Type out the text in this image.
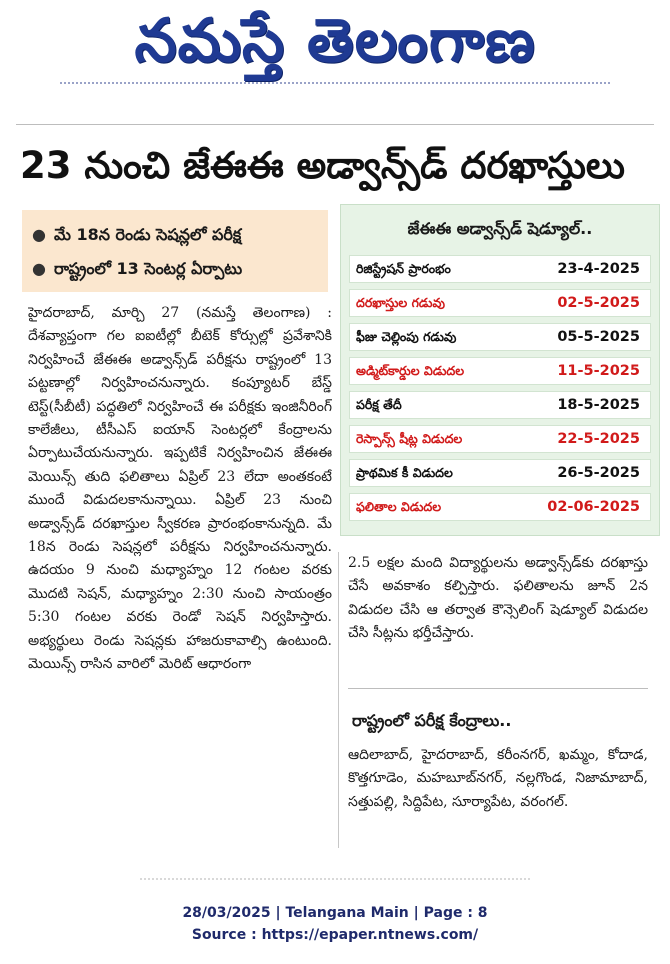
నమస్తే తెలంగాణ
23 నుంచి జేఈఈ అడ్వాన్స్‌డ్ దరఖాస్తులు
● మే 18న రెండు సెషన్లలో పరీక్ష
● రాష్ట్రంలో 13 సెంటర్ల ఏర్పాటు
హైదరాబాద్, మార్చి 27 (నమస్తే తెలంగాణ) : దేశవ్యాప్తంగా గల ఐఐటీల్లో బీటెక్ కోర్సుల్లో ప్రవేశానికి నిర్వహించే జేఈఈ అడ్వాన్స్‌డ్ పరీక్షను రాష్ట్రంలో 13 పట్టణాల్లో నిర్వహించనున్నారు. కంప్యూటర్ బేస్డ్ టెస్ట్(సీబీటీ) పద్ధతిలో నిర్వహించే ఈ పరీక్షకు ఇంజినీరింగ్ కాలేజీలు, టీసీఎస్ ఐయాన్ సెంటర్లలో కేంద్రాలను ఏర్పాటుచేయనున్నారు. ఇప్పటికే నిర్వహించిన జేఈఈ మెయిన్స్ తుది ఫలితాలు ఏప్రిల్ 23 లేదా అంతకంటే ముందే విడుదలకానున్నాయి. ఏప్రిల్ 23 నుంచి అడ్వాన్స్‌డ్ దరఖాస్తుల స్వీకరణ ప్రారంభంకానున్నది. మే 18న రెండు సెషన్లలో పరీక్షను నిర్వహించనున్నారు. ఉదయం 9 నుంచి మధ్యాహ్నం 12 గంటల వరకు మొదటి సెషన్, మధ్యాహ్నం 2:30 నుంచి సాయంత్రం 5:30 గంటల వరకు రెండో సెషన్ నిర్వహిస్తారు. అభ్యర్థులు రెండు సెషన్లకు హాజరుకావాల్సి ఉంటుంది. మెయిన్స్ రాసిన వారిలో మెరిట్ ఆధారంగా
జేఈఈ అడ్వాన్స్‌డ్ షెడ్యూల్..
రిజిస్ట్రేషన్ ప్రారంభం	23-4-2025
దరఖాస్తుల గడువు	02-5-2025
ఫీజు చెల్లింపు గడువు	05-5-2025
అడ్మిట్‌కార్డుల విడుదల	11-5-2025
పరీక్ష తేదీ	18-5-2025
రెస్పాన్స్ షీట్ల విడుదల	22-5-2025
ప్రాథమిక కీ విడుదల	26-5-2025
ఫలితాల విడుదల	02-06-2025
2.5 లక్షల మంది విద్యార్థులను అడ్వాన్స్‌డ్‌కు దరఖాస్తు చేసే అవకాశం కల్పిస్తారు. ఫలితాలను జూన్ 2న విడుదల చేసి ఆ తర్వాత కౌన్సెలింగ్ షెడ్యూల్ విడుదల చేసి సీట్లను భర్తీచేస్తారు.
రాష్ట్రంలో పరీక్ష కేంద్రాలు..
ఆదిలాబాద్, హైదరాబాద్, కరీంనగర్, ఖమ్మం, కోదాడ, కొత్తగూడెం, మహబూబ్‌నగర్, నల్లగొండ, నిజామాబాద్, సత్తుపల్లి, సిద్దిపేట, సూర్యాపేట, వరంగల్.
28/03/2025 | Telangana Main | Page : 8
Source : https://epaper.ntnews.com/
